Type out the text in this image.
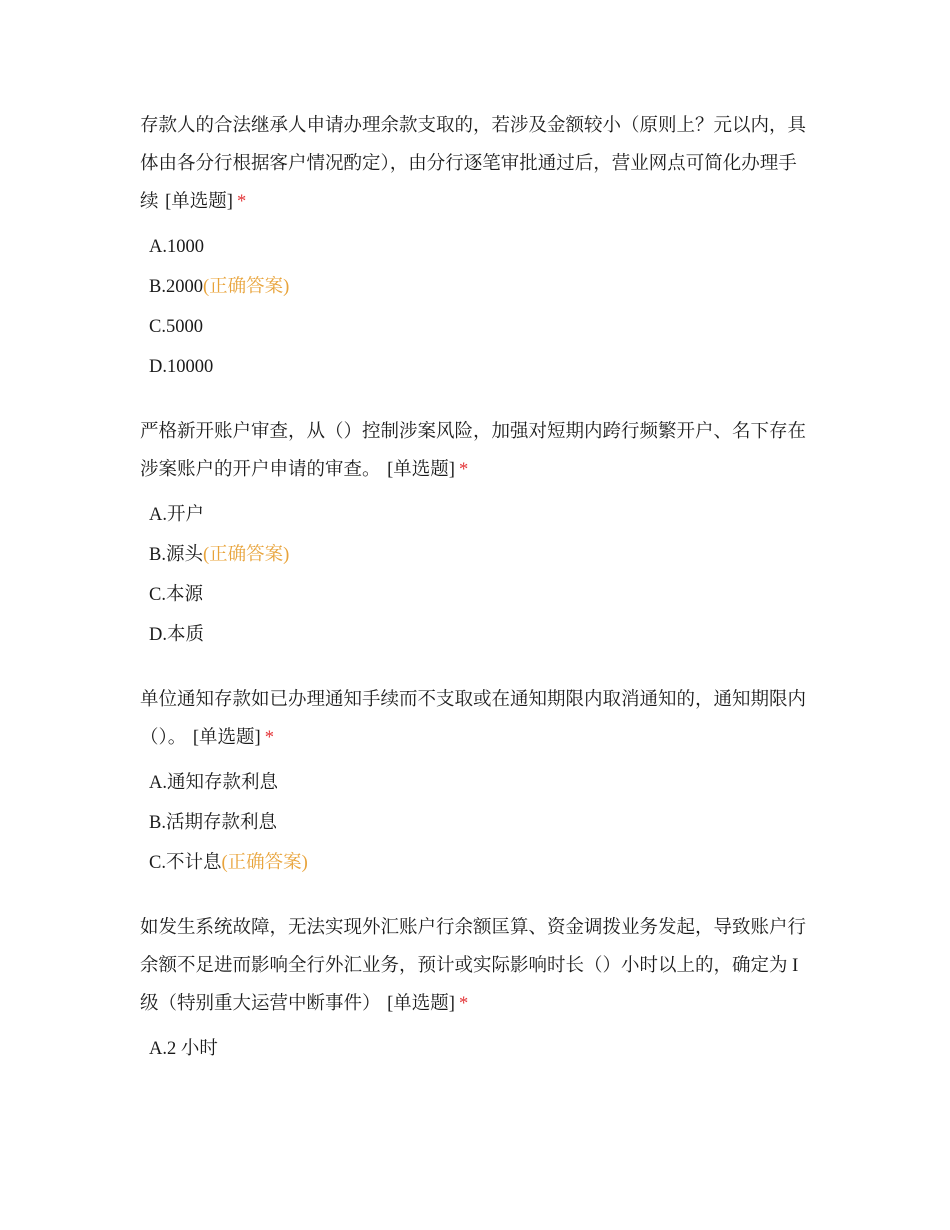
存款人的合法继承人申请办理余款支取的，若涉及金额较小（原则上？元以内，具体由各分行根据客户情况酌定），由分行逐笔审批通过后，营业网点可简化办理手续 [单选题] *

A.1000
B.2000(正确答案)
C.5000
D.10000

严格新开账户审查，从（）控制涉案风险，加强对短期内跨行频繁开户、名下存在涉案账户的开户申请的审查。 [单选题] *

A.开户
B.源头(正确答案)
C.本源
D.本质

单位通知存款如已办理通知手续而不支取或在通知期限内取消通知的，通知期限内（）。 [单选题] *

A.通知存款利息
B.活期存款利息
C.不计息(正确答案)

如发生系统故障，无法实现外汇账户行余额匡算、资金调拨业务发起，导致账户行余额不足进而影响全行外汇业务，预计或实际影响时长（）小时以上的，确定为 I 级（特别重大运营中断事件） [单选题] *

A.2 小时
